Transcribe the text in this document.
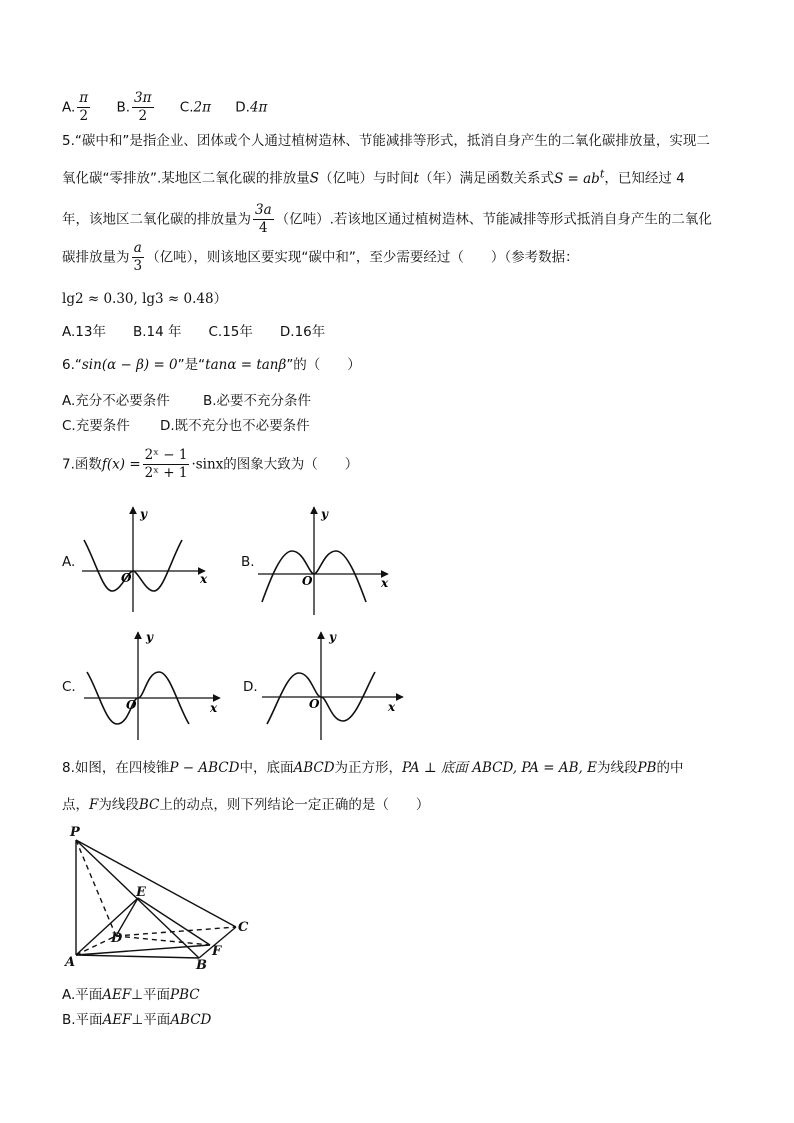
A. $\frac{\pi}{2} B$. $\frac{3\pi}{2} C.2\pi$ D.4π
5.“碳中和”是指企业、团体或个人通过植树造林、节能减排等形式，抵消自身产生的二氧化碳排放量，实现二
氧化碳“零排放”.某地区二氧化碳的排放量S（亿吨）与时间t（年）满足函数关系式$S = ab^t$，已知经过 4
年，该地区二氧化碳的排放量为 $\frac{3a}{4}$ （亿吨）.若该地区通过植树造林、节能减排等形式抵消自身产生的二氧化
碳排放量为 $\frac{a}{3}$ （亿吨），则该地区要实现“碳中和”，至少需要经过（　　）（参考数据：
lg2 ≈ 0.30, lg3 ≈ 0.48）
A.13年　　B.14 年　　C.15年　　D.16年
6.“sin(α − β) = 0”是“tanα = tanβ”的（　　）
A.充分不必要条件 B.必要不充分条件
C.充要条件 D.既不充分也不必要条件
7.函数$f(x) = \frac{\text{2ˣ − 1}}{\text{2ˣ + 1}} \cdot\sin x$的图象大致为（　　）
A.	B.
C.	D.
y
x
O
y
x
O
y
x
O
y
x
O
P
E
C
D
F
A	B
8.如图，在四棱锥P − ABCD中，底面ABCD为正方形，PA ⊥ 底面 ABCD, PA = AB, E为线段PB的中
点，F为线段BC上的动点，则下列结论一定正确的是（　　）
A.平面AEF⊥平面PBC
B.平面AEF⊥平面ABCD
